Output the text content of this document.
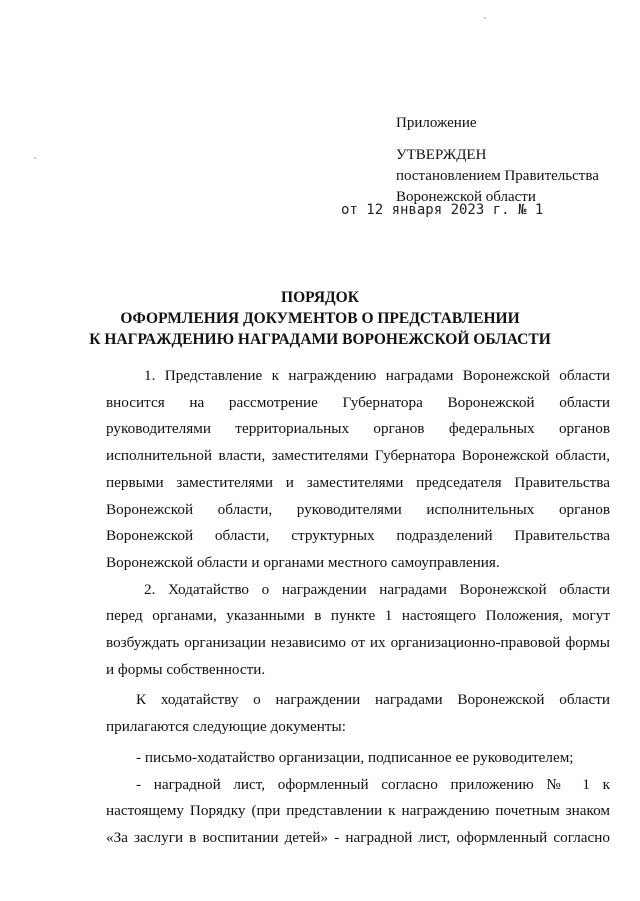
Приложение
УТВЕРЖДЕН
постановлением Правительства
Воронежской области
от 12 января 2023 г. № 1
ПОРЯДОК
ОФОРМЛЕНИЯ ДОКУМЕНТОВ О ПРЕДСТАВЛЕНИИ
К НАГРАЖДЕНИЮ НАГРАДАМИ ВОРОНЕЖСКОЙ ОБЛАСТИ
1. Представление к награждению наградами Воронежской области
вносится на рассмотрение Губернатора Воронежской области
руководителями территориальных органов федеральных органов
исполнительной власти, заместителями Губернатора Воронежской области,
первыми заместителями и заместителями председателя Правительства
Воронежской области, руководителями исполнительных органов
Воронежской области, структурных подразделений Правительства
Воронежской области и органами местного самоуправления.
2. Ходатайство о награждении наградами Воронежской области
перед органами, указанными в пункте 1 настоящего Положения, могут
возбуждать организации независимо от их организационно-правовой формы
и формы собственности.
К ходатайству о награждении наградами Воронежской области
прилагаются следующие документы:
- письмо-ходатайство организации, подписанное ее руководителем;
- наградной лист, оформленный согласно приложению № 1 к
настоящему Порядку (при представлении к награждению почетным знаком
«За заслуги в воспитании детей» - наградной лист, оформленный согласно
